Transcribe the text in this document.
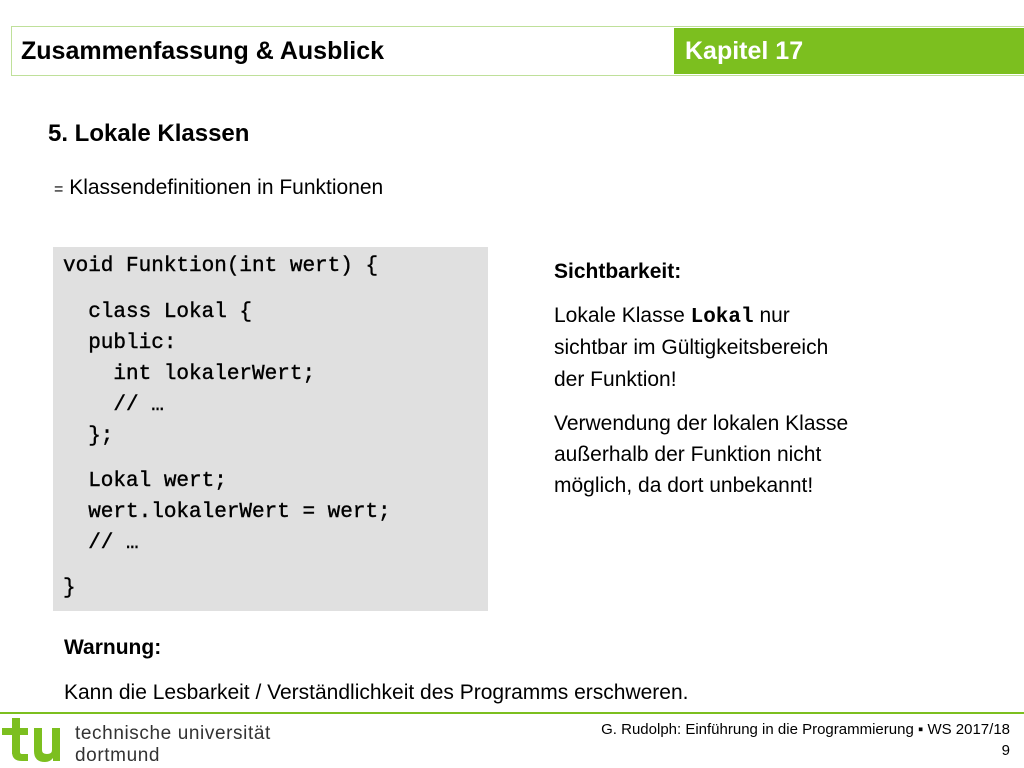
Zusammenfassung & Ausblick	Kapitel 17
5. Lokale Klassen
= Klassendefinitionen in Funktionen
void Funktion(int wert) {
class Lokal {
public:
int lokalerWert;
// …
};
Lokal wert;
wert.lokalerWert = wert;
// …
}
Sichtbarkeit:
Lokale Klasse Lokal nur
sichtbar im Gültigkeitsbereich
der Funktion!
Verwendung der lokalen Klasse
außerhalb der Funktion nicht
möglich, da dort unbekannt!
Warnung:
Kann die Lesbarkeit / Verständlichkeit des Programms erschweren.
technische universität
dortmund
G. Rudolph: Einführung in die Programmierung ▪ WS 2017/18
9
